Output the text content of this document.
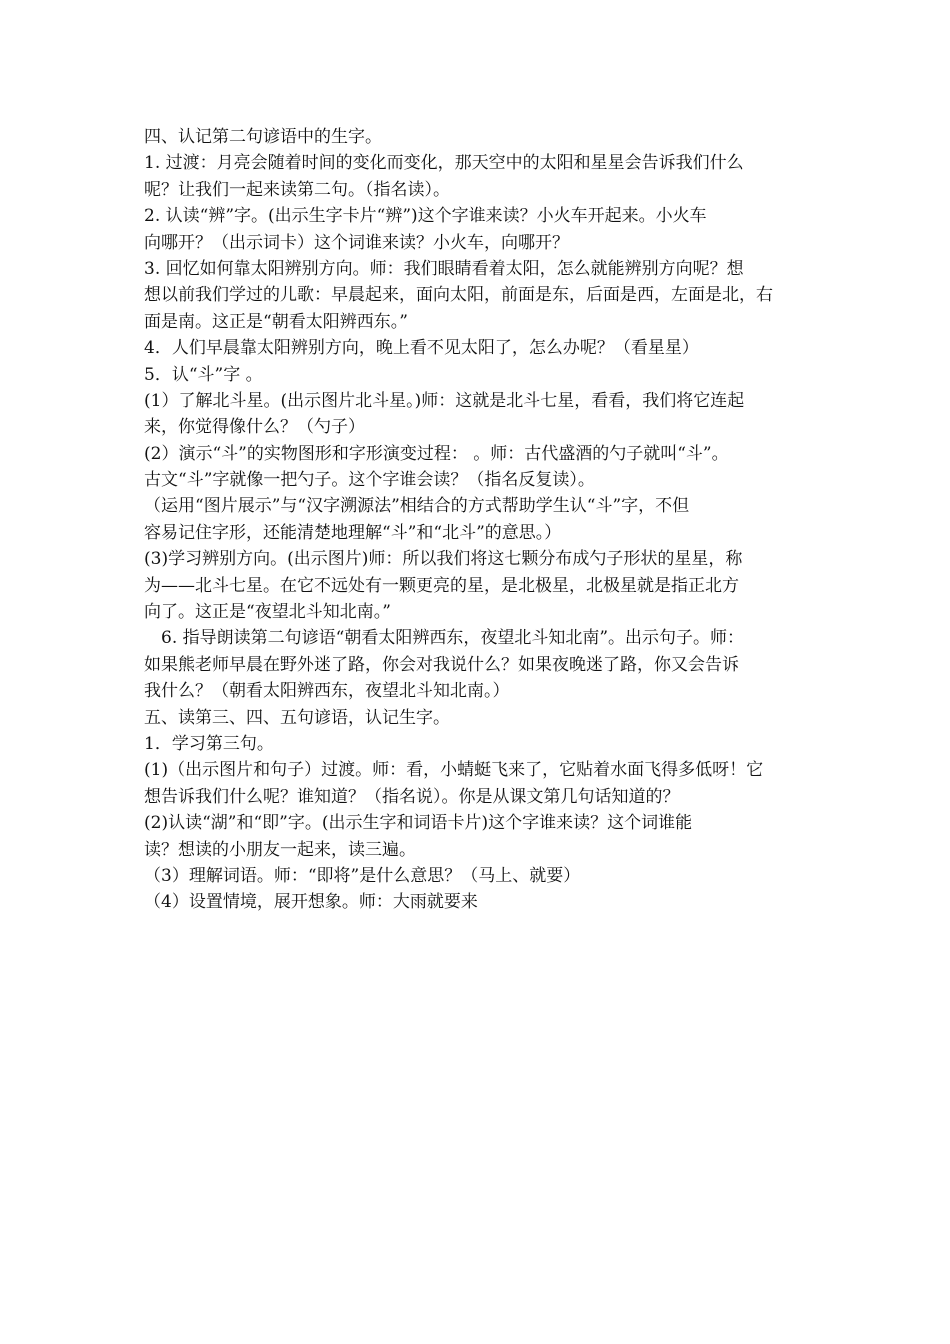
四、认记第二句谚语中的生字。
1. 过渡：月亮会随着时间的变化而变化，那天空中的太阳和星星会告诉我们什么
呢？让我们一起来读第二句。（指名读）。
2. 认读“辨”字。(出示生字卡片“辨”)这个字谁来读？小火车开起来。小火车
向哪开？（出示词卡）这个词谁来读？小火车，向哪开？
3. 回忆如何靠太阳辨别方向。师：我们眼睛看着太阳，怎么就能辨别方向呢？想
想以前我们学过的儿歌：早晨起来，面向太阳，前面是东，后面是西，左面是北，右
面是南。这正是“朝看太阳辨西东。”
4．人们早晨靠太阳辨别方向，晚上看不见太阳了，怎么办呢？（看星星）
5．认“斗”字 。
(1）了解北斗星。(出示图片北斗星。)师：这就是北斗七星，看看，我们将它连起
来，你觉得像什么？（勺子）
(2）演示“斗”的实物图形和字形演变过程： 。师：古代盛酒的勺子就叫“斗”。
古文“斗”字就像一把勺子。这个字谁会读？（指名反复读）。
（运用“图片展示”与“汉字溯源法”相结合的方式帮助学生认“斗”字，不但
容易记住字形，还能清楚地理解“斗”和“北斗”的意思。）
(3)学习辨别方向。(出示图片)师：所以我们将这七颗分布成勺子形状的星星，称
为——北斗七星。在它不远处有一颗更亮的星，是北极星，北极星就是指正北方
向了。这正是“夜望北斗知北南。”
6. 指导朗读第二句谚语“朝看太阳辨西东，夜望北斗知北南”。出示句子。师：
如果熊老师早晨在野外迷了路，你会对我说什么？如果夜晚迷了路，你又会告诉
我什么？（朝看太阳辨西东，夜望北斗知北南。）
五、读第三、四、五句谚语，认记生字。
1．学习第三句。
(1)（出示图片和句子）过渡。师：看，小蜻蜓飞来了，它贴着水面飞得多低呀！它
想告诉我们什么呢？谁知道？（指名说）。你是从课文第几句话知道的？
(2)认读“湖”和“即”字。(出示生字和词语卡片)这个字谁来读？这个词谁能
读？想读的小朋友一起来，读三遍。
（3）理解词语。师：“即将”是什么意思？（马上、就要）
（4）设置情境，展开想象。师：大雨就要来
